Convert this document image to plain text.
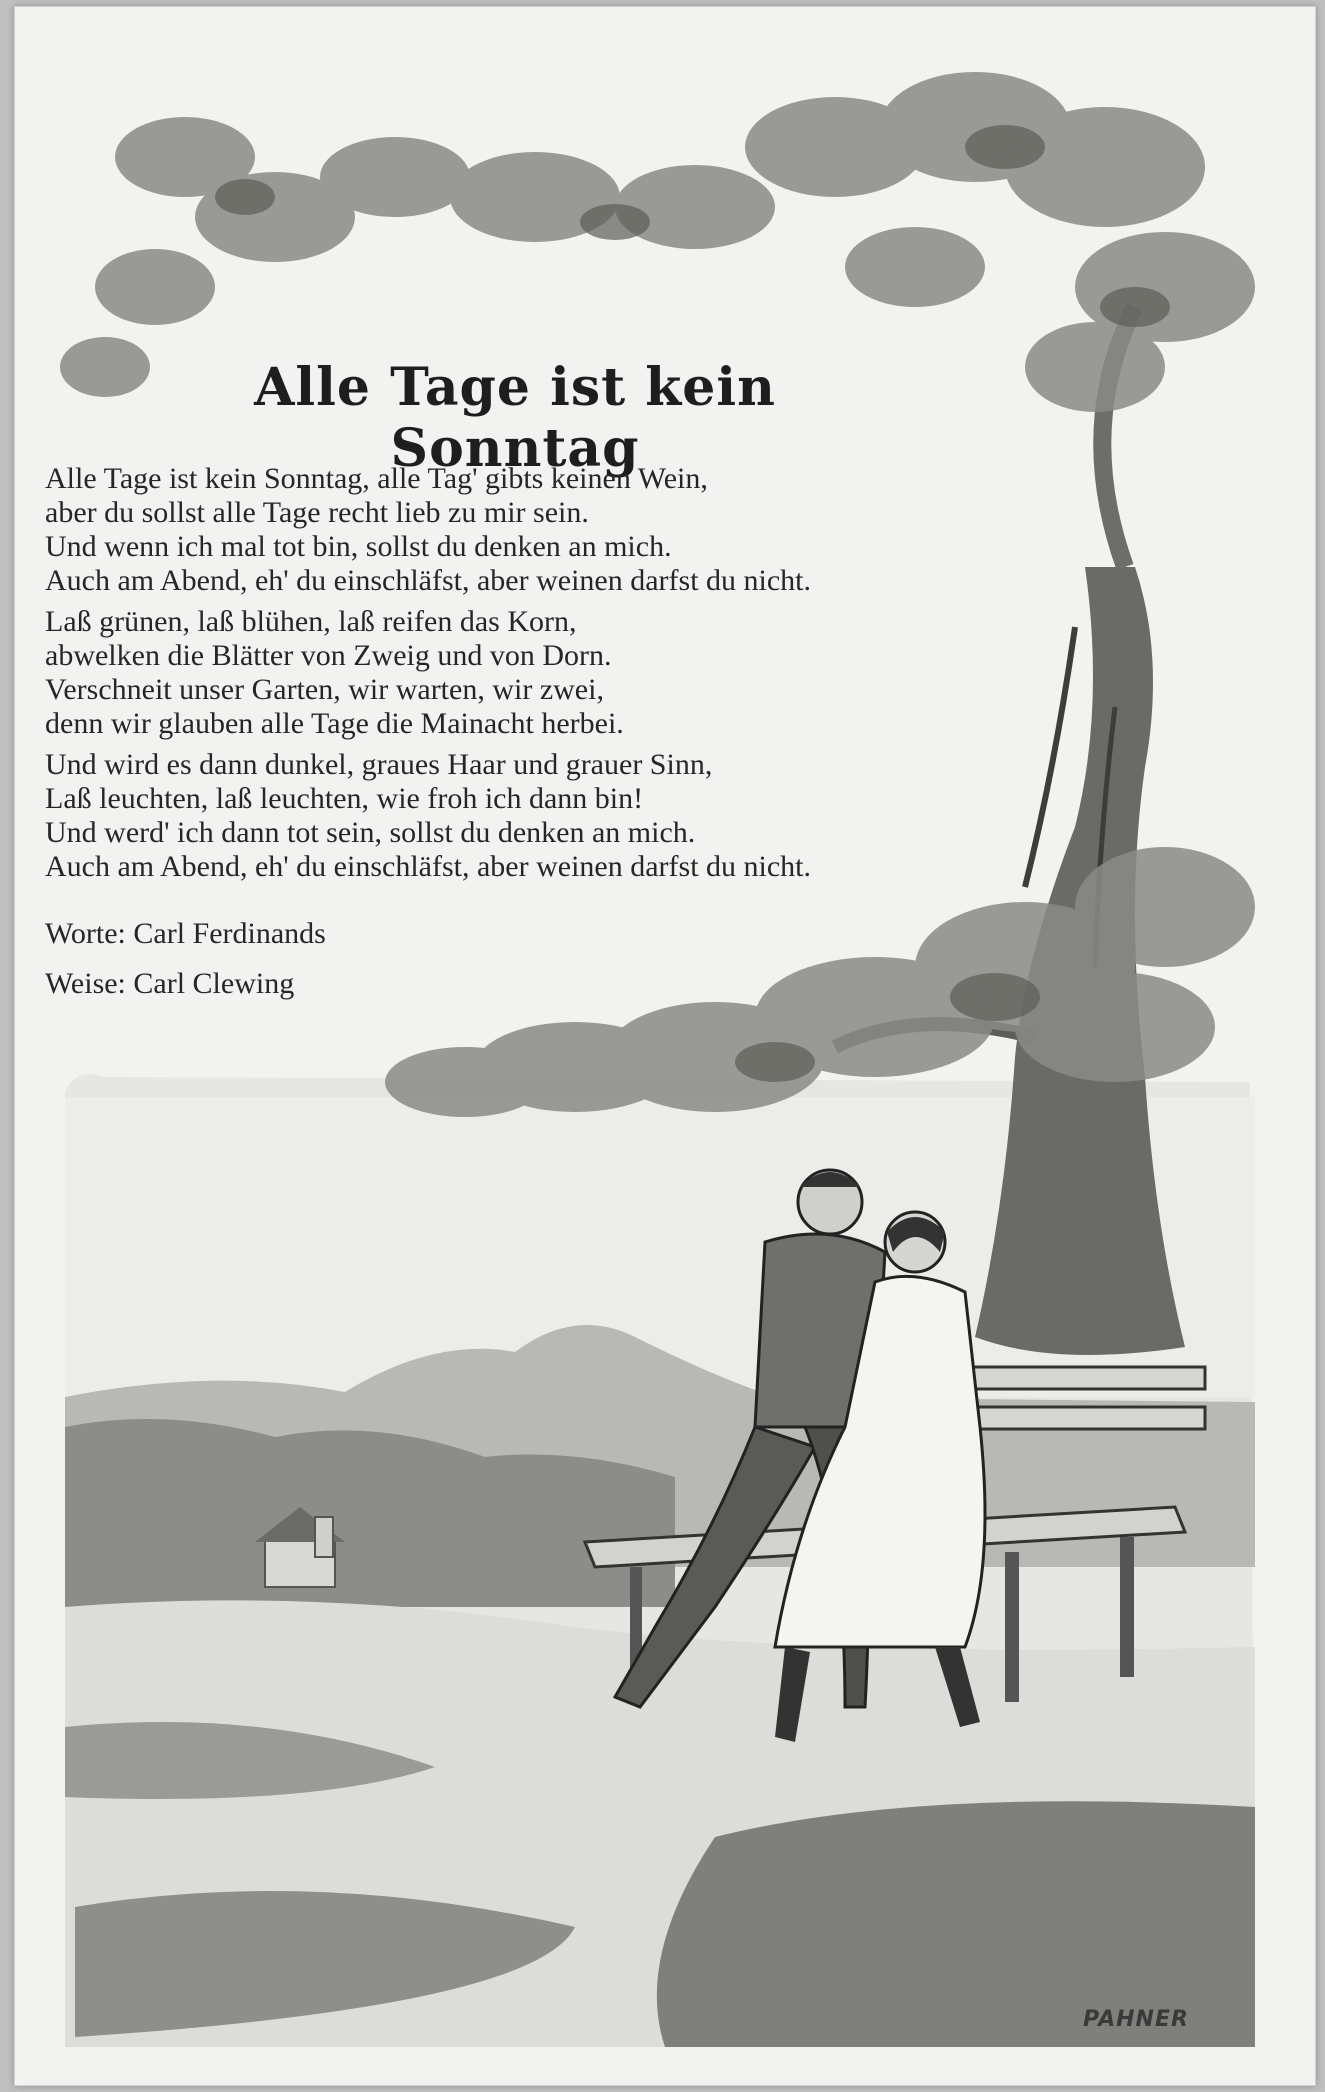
Alle Tage ist kein Sonntag

Alle Tage ist kein Sonntag, alle Tag' gibts keinen Wein,
aber du sollst alle Tage recht lieb zu mir sein.
Und wenn ich mal tot bin, sollst du denken an mich.
Auch am Abend, eh' du einschläfst, aber weinen darfst du nicht.

Laß grünen, laß blühen, laß reifen das Korn,
abwelken die Blätter von Zweig und von Dorn.
Verschneit unser Garten, wir warten, wir zwei,
denn wir glauben alle Tage die Mainacht herbei.

Und wird es dann dunkel, graues Haar und grauer Sinn,
Laß leuchten, laß leuchten, wie froh ich dann bin!
Und werd' ich dann tot sein, sollst du denken an mich.
Auch am Abend, eh' du einschläfst, aber weinen darfst du nicht.

Worte: Carl Ferdinands

Weise: Carl Clewing

PAHNER
